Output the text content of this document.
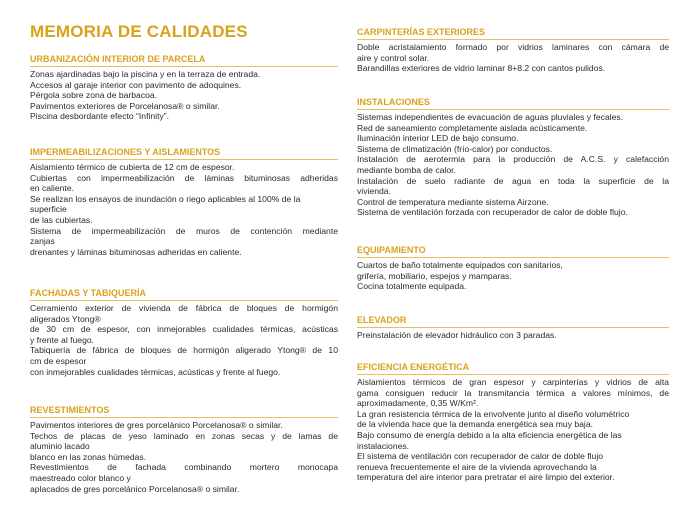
MEMORIA DE CALIDADES
URBANIZACIÓN INTERIOR DE PARCELA
Zonas ajardinadas bajo la piscina y en la terraza de entrada.
Accesos al garaje interior con pavimento de adoquines.
Pérgola sobre zona de barbacoa.
Pavimentos exteriores de Porcelanosa® o similar.
Piscina desbordante efecto “Infinity”.
IMPERMEABILIZACIONES Y AISLAMIENTOS
Aislamiento térmico de cubierta de 12 cm de espesor.
Cubiertas con impermeabilización de láminas bituminosas adheridas
en caliente.
Se realizan los ensayos de inundación o riego aplicables al 100% de la
superficie
de las cubiertas.
Sistema de impermeabilización de muros de contención mediante
zanjas
drenantes y láminas bituminosas adheridas en caliente.
FACHADAS Y TABIQUERÍA
Cerramiento exterior de vivienda de fábrica de bloques de hormigón
aligerados Ytong®
de 30 cm de espesor, con inmejorables cualidades térmicas, acústicas
y frente al fuego.
Tabiquería de fábrica de bloques de hormigón aligerado Ytong® de 10
cm de espesor
con inmejorables cualidades térmicas, acústicas y frente al fuego.
REVESTIMIENTOS
Pavimentos interiores de gres porcelánico Porcelanosa® o similar.
Techos de placas de yeso laminado en zonas secas y de lamas de
aluminio lacado
blanco en las zonas húmedas.
Revestimientos de fachada combinando mortero monocapa
maestreado color blanco y
aplacados de gres porcelánico Porcelanosa® o similar.
CARPINTERÍAS EXTERIORES
Doble acristalamiento formado por vidrios laminares con cámara de
aire y control solar.
Barandillas exteriores de vidrio laminar 8+8.2 con cantos pulidos.
INSTALACIONES
Sistemas independientes de evacuación de aguas pluviales y fecales.
Red de saneamiento completamente aislada acústicamente.
Iluminación interior LED de bajo consumo.
Sistema de climatización (frío-calor) por conductos.
Instalación de aerotermia para la producción de A.C.S. y calefacción
mediante bomba de calor.
Instalación de suelo radiante de agua en toda la superficie de la
vivienda.
Control de temperatura mediante sistema Airzone.
Sistema de ventilación forzada con recuperador de calor de doble flujo.
EQUIPAMIENTO
Cuartos de baño totalmente equipados con sanitarios,
grifería, mobiliario, espejos y mamparas.
Cocina totalmente equipada.
ELEVADOR
Preinstalación de elevador hidráulico con 3 paradas.
EFICIENCIA ENERGÉTICA
Aislamientos térmicos de gran espesor y carpinterías y vidrios de alta
gama consiguen reducir la transmitancia térmica a valores mínimos, de
aproximadamente, 0,35 W/Km².
La gran resistencia térmica de la envolvente junto al diseño volumétrico
de la vivienda hace que la demanda energética sea muy baja.
Bajo consumo de energía debido a la alta eficiencia energética de las
instalaciones.
El sistema de ventilación con recuperador de calor de doble flujo
renueva frecuentemente el aire de la vivienda aprovechando la
temperatura del aire interior para pretratar el aire limpio del exterior.
